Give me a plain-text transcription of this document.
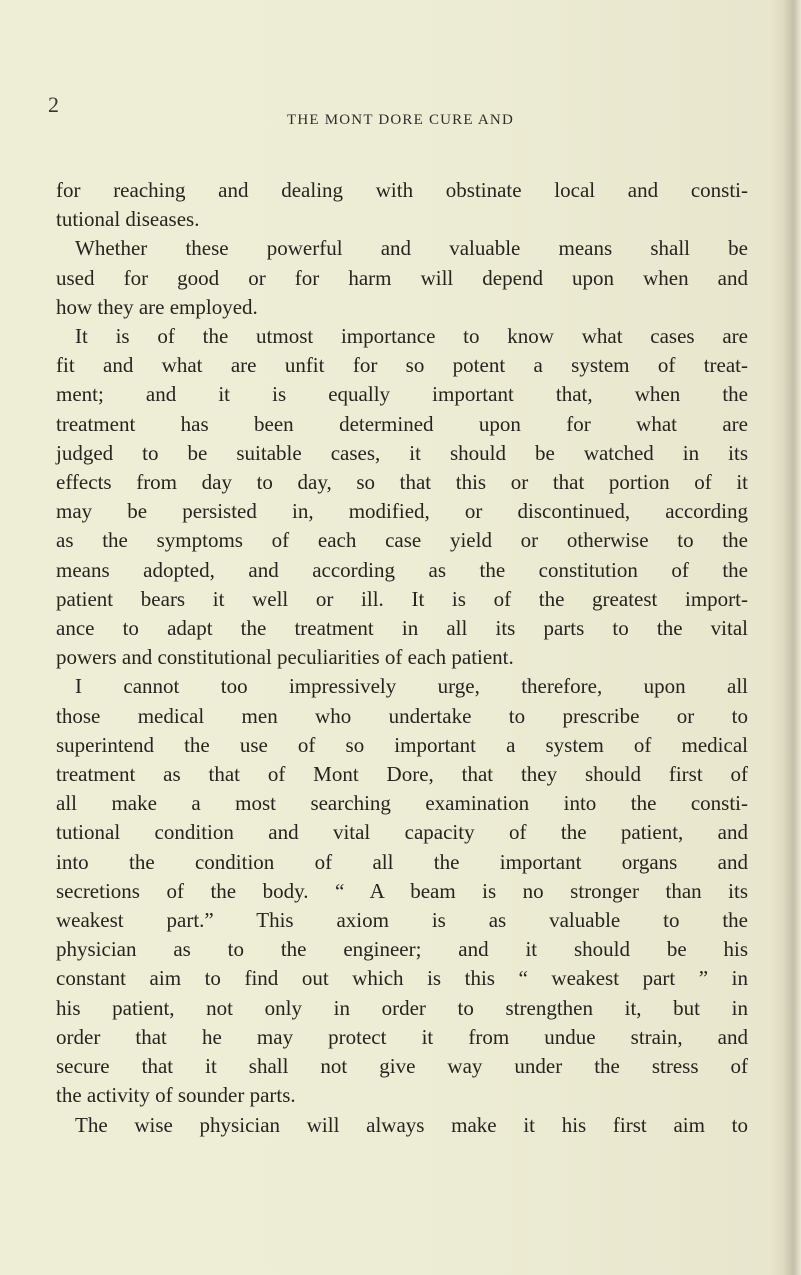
2
THE MONT DORE CURE AND
for reaching and dealing with obstinate local and consti-
tutional diseases.
Whether these powerful and valuable means shall be
used for good or for harm will depend upon when and
how they are employed.
It is of the utmost importance to know what cases are
fit and what are unfit for so potent a system of treat-
ment; and it is equally important that, when the
treatment has been determined upon for what are
judged to be suitable cases, it should be watched in its
effects from day to day, so that this or that portion of it
may be persisted in, modified, or discontinued, according
as the symptoms of each case yield or otherwise to the
means adopted, and according as the constitution of the
patient bears it well or ill. It is of the greatest import-
ance to adapt the treatment in all its parts to the vital
powers and constitutional peculiarities of each patient.
I cannot too impressively urge, therefore, upon all
those medical men who undertake to prescribe or to
superintend the use of so important a system of medical
treatment as that of Mont Dore, that they should first of
all make a most searching examination into the consti-
tutional condition and vital capacity of the patient, and
into the condition of all the important organs and
secretions of the body. “ A beam is no stronger than its
weakest part.” This axiom is as valuable to the
physician as to the engineer; and it should be his
constant aim to find out which is this “ weakest part ” in
his patient, not only in order to strengthen it, but in
order that he may protect it from undue strain, and
secure that it shall not give way under the stress of
the activity of sounder parts.
The wise physician will always make it his first aim to
